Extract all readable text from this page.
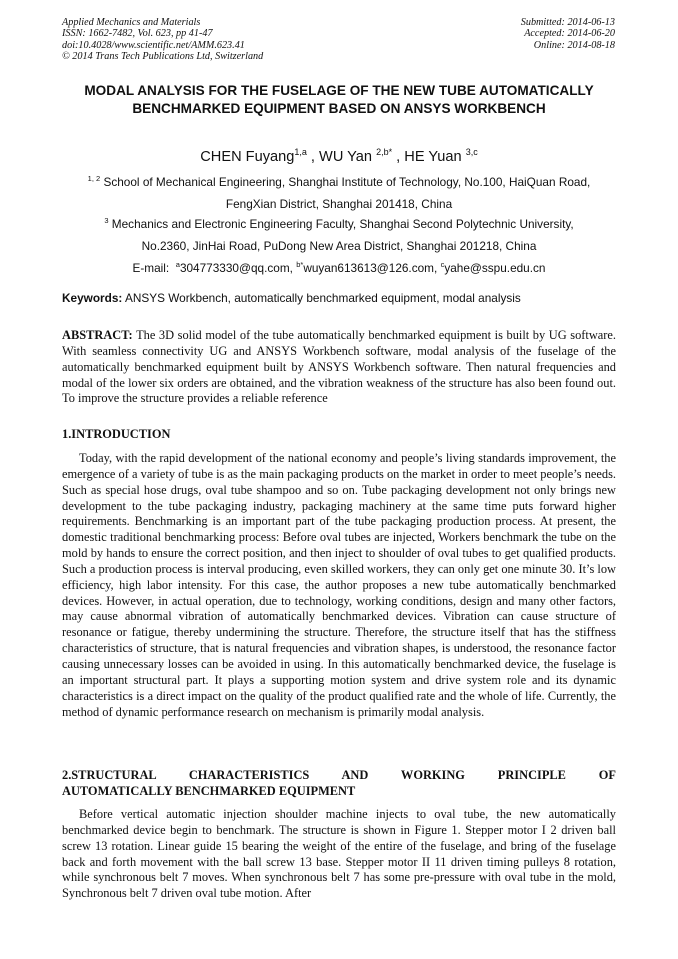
Applied Mechanics and Materials
ISSN: 1662-7482, Vol. 623, pp 41-47
doi:10.4028/www.scientific.net/AMM.623.41
© 2014 Trans Tech Publications Ltd, Switzerland
Submitted: 2014-06-13
Accepted: 2014-06-20
Online: 2014-08-18
MODAL ANALYSIS FOR THE FUSELAGE OF THE NEW TUBE AUTOMATICALLY BENCHMARKED EQUIPMENT BASED ON ANSYS WORKBENCH
CHEN Fuyang$^{1,a}$ , WU Yan $^{2,b*}$ , HE Yuan $^{3,c}$
$^{1, 2}$ School of Mechanical Engineering, Shanghai Institute of Technology, No.100, HaiQuan Road,
FengXian District, Shanghai 201418, China
$^3$ Mechanics and Electronic Engineering Faculty, Shanghai Second Polytechnic University,
No.2360, JinHai Road, PuDong New Area District, Shanghai 201218, China
E-mail: $^a$304773330@qq.com, $^{b*}$wuyan613613@126.com, $^c$yahe@sspu.edu.cn
Keywords: ANSYS Workbench, automatically benchmarked equipment, modal analysis
ABSTRACT: The 3D solid model of the tube automatically benchmarked equipment is built by UG software. With seamless connectivity UG and ANSYS Workbench software, modal analysis of the fuselage of the automatically benchmarked equipment built by ANSYS Workbench software. Then natural frequencies and modal of the lower six orders are obtained, and the vibration weakness of the structure has also been found out. To improve the structure provides a reliable reference
1.INTRODUCTION
Today, with the rapid development of the national economy and people’s living standards improvement, the emergence of a variety of tube is as the main packaging products on the market in order to meet people’s needs. Such as special hose drugs, oval tube shampoo and so on. Tube packaging development not only brings new development to the tube packaging industry, packaging machinery at the same time puts forward higher requirements. Benchmarking is an important part of the tube packaging production process. At present, the domestic traditional benchmarking process: Before oval tubes are injected, Workers benchmark the tube on the mold by hands to ensure the correct position, and then inject to shoulder of oval tubes to get qualified products. Such a production process is interval producing, even skilled workers, they can only get one minute 30. It’s low efficiency, high labor intensity. For this case, the author proposes a new tube automatically benchmarked devices. However, in actual operation, due to technology, working conditions, design and many other factors, may cause abnormal vibration of automatically benchmarked devices. Vibration can cause structure of resonance or fatigue, thereby undermining the structure. Therefore, the structure itself that has the stiffness characteristics of structure, that is natural frequencies and vibration shapes, is understood, the resonance factor causing unnecessary losses can be avoided in using. In this automatically benchmarked device, the fuselage is an important structural part. It plays a supporting motion system and drive system role and its dynamic characteristics is a direct impact on the quality of the product qualified rate and the whole of life. Currently, the method of dynamic performance research on mechanism is primarily modal analysis.
2.STRUCTURAL CHARACTERISTICS AND WORKING PRINCIPLE OF
AUTOMATICALLY BENCHMARKED EQUIPMENT
Before vertical automatic injection shoulder machine injects to oval tube, the new automatically benchmarked device begin to benchmark. The structure is shown in Figure 1. Stepper motor I 2 driven ball screw 13 rotation. Linear guide 15 bearing the weight of the entire of the fuselage, and bring of the fuselage back and forth movement with the ball screw 13 base. Stepper motor II 11 driven timing pulleys 8 rotation, while synchronous belt 7 moves. When synchronous belt 7 has some pre-pressure with oval tube in the mold, Synchronous belt 7 driven oval tube motion. After
